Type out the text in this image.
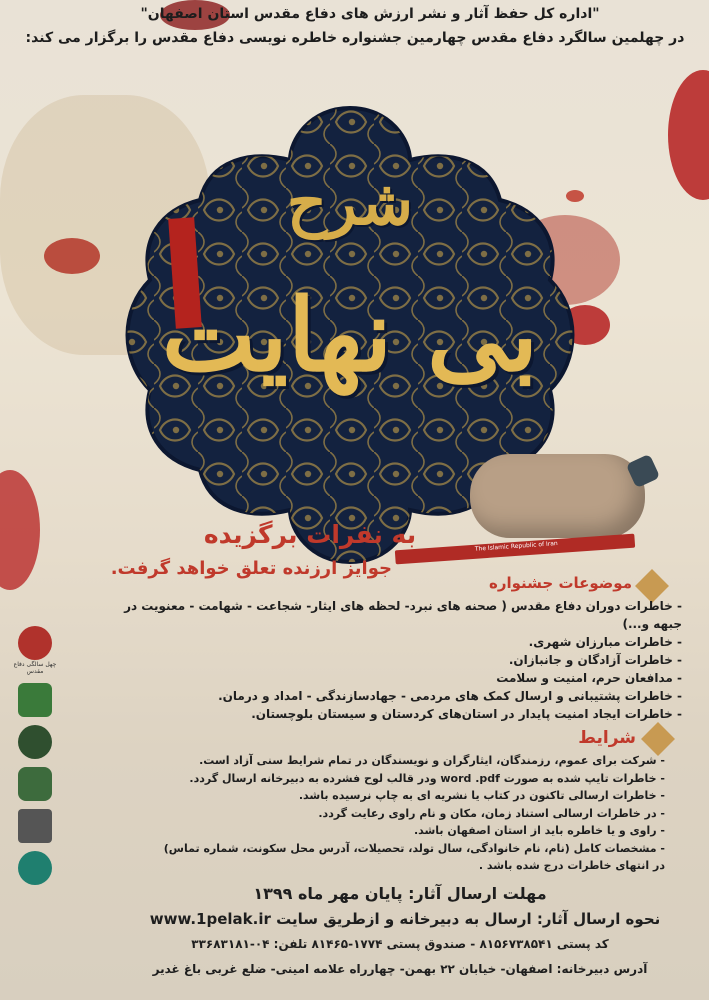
"اداره کل حفظ آثار و نشر ارزش های دفاع مقدس استان اصفهان"
در چهلمین سالگرد دفاع مقدس چهارمین جشنواره خاطره نویسی دفاع مقدس را برگزار می کند:
شرح
بی نهایت
The Islamic Republic of Iran
به نفرات برگزیده
جوایز ارزنده تعلق خواهد گرفت.
موضوعات جشنواره
- خاطرات دوران دفاع مقدس ( صحنه های نبرد- لحظه های ایثار- شجاعت - شهامت - معنویت در جبهه و...)
- خاطرات مبارزان شهری.
- خاطرات آزادگان و جانبازان.
- مدافعان حرم، امنیت و سلامت
- خاطرات پشتیبانی و ارسال کمک های مردمی - جهادسازندگی - امداد و درمان.
- خاطرات ایجاد امنیت پایدار در استان‌های کردستان و سیستان بلوچستان.
شرایط
- شرکت برای عموم، رزمندگان، ایثارگران و نویسندگان در تمام شرایط سنی آزاد است.
- خاطرات تایپ شده به صورت word .pdf ودر قالب لوح فشرده به دبیرخانه ارسال گردد.
- خاطرات ارسالی تاکنون در کتاب یا نشریه ای به چاپ نرسیده باشد.
- در خاطرات ارسالی استناد زمان، مکان و نام راوی رعایت گردد.
- راوی و یا خاطره باید از استان اصفهان باشد.
- مشخصات کامل (نام، نام خانوادگی، سال تولد، تحصیلات، آدرس محل سکونت، شماره تماس)
در انتهای خاطرات درج شده باشد .
مهلت ارسال آثار: پایان مهر ماه ۱۳۹۹
نحوه ارسال آثار: ارسال به دبیرخانه و ازطریق سایت www.1pelak.ir
کد پستی ۸۱۵۶۷۳۸۵۴۱ - صندوق پستی ۱۷۷۴-۸۱۴۶۵ تلفن: ۰۴-۳۳۶۸۳۱۸۱
آدرس دبیرخانه: اصفهان- خیابان ۲۲ بهمن- چهارراه علامه امینی- ضلع غربی باغ غدیر
چهل سالگی دفاع مقدس
